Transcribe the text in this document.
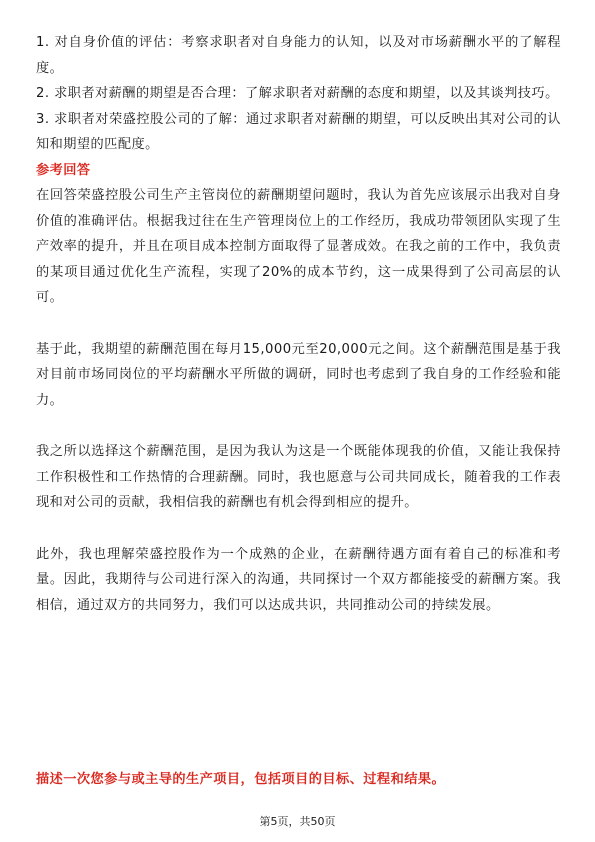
1. 对自身价值的评估：考察求职者对自身能力的认知，以及对市场薪酬水平的了解程度。

2. 求职者对薪酬的期望是否合理：了解求职者对薪酬的态度和期望，以及其谈判技巧。

3. 求职者对荣盛控股公司的了解：通过求职者对薪酬的期望，可以反映出其对公司的认知和期望的匹配度。

参考回答

在回答荣盛控股公司生产主管岗位的薪酬期望问题时，我认为首先应该展示出我对自身价值的准确评估。根据我过往在生产管理岗位上的工作经历，我成功带领团队实现了生产效率的提升，并且在项目成本控制方面取得了显著成效。在我之前的工作中，我负责的某项目通过优化生产流程，实现了20%的成本节约，这一成果得到了公司高层的认可。

基于此，我期望的薪酬范围在每月15,000元至20,000元之间。这个薪酬范围是基于我对目前市场同岗位的平均薪酬水平所做的调研，同时也考虑到了我自身的工作经验和能力。

我之所以选择这个薪酬范围，是因为我认为这是一个既能体现我的价值，又能让我保持工作积极性和工作热情的合理薪酬。同时，我也愿意与公司共同成长，随着我的工作表现和对公司的贡献，我相信我的薪酬也有机会得到相应的提升。

此外，我也理解荣盛控股作为一个成熟的企业，在薪酬待遇方面有着自己的标准和考量。因此，我期待与公司进行深入的沟通，共同探讨一个双方都能接受的薪酬方案。我相信，通过双方的共同努力，我们可以达成共识，共同推动公司的持续发展。

描述一次您参与或主导的生产项目，包括项目的目标、过程和结果。

第5页，共50页
